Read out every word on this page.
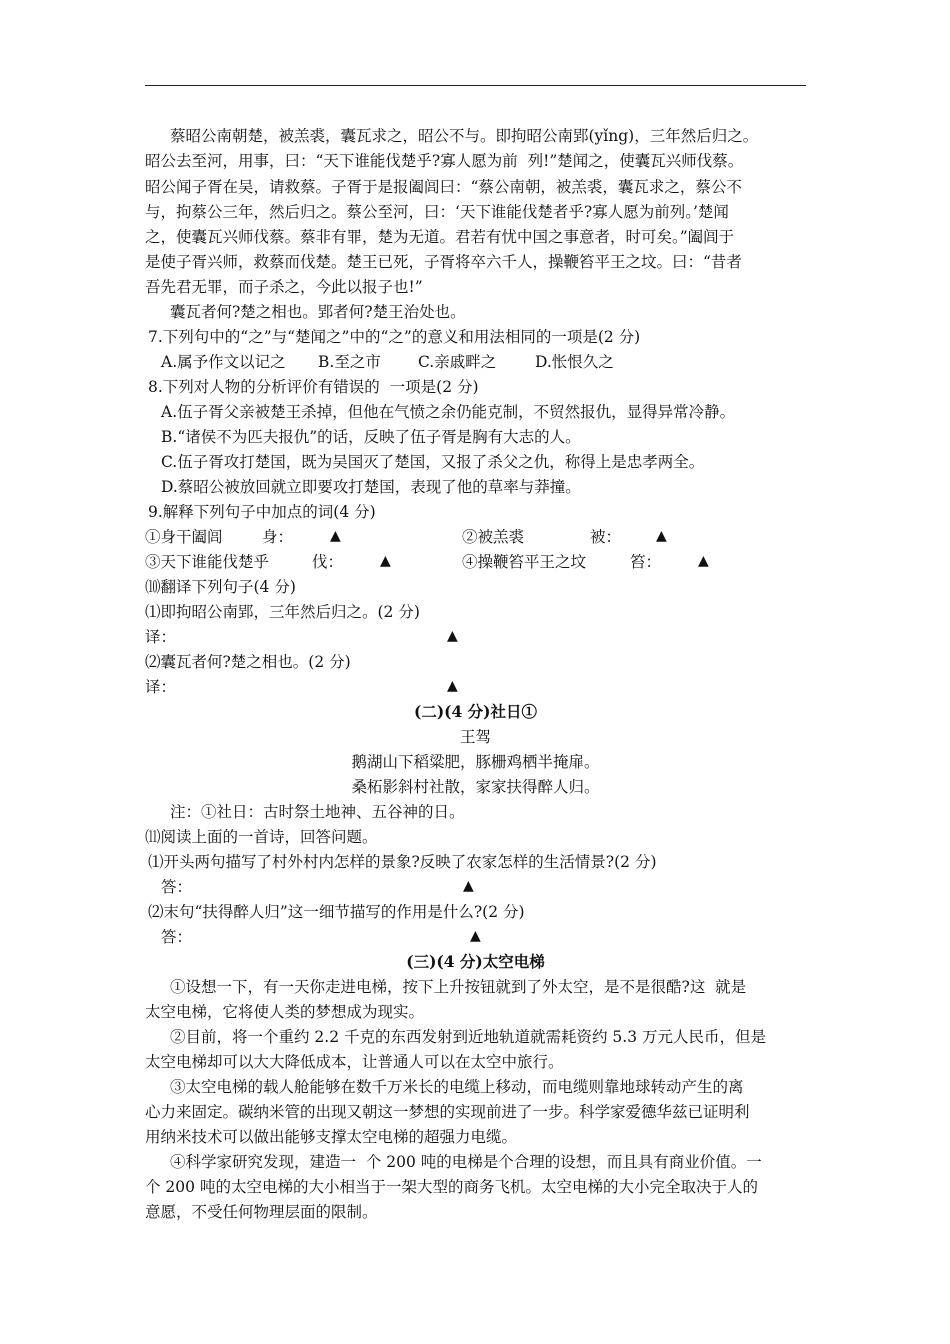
蔡昭公南朝楚，被羔裘，囊瓦求之，昭公不与。即拘昭公南郢(yǐng)，三年然后归之。
昭公去至河，用事，曰：“天下谁能伐楚乎?寡人愿为前  列!”楚闻之，使囊瓦兴师伐蔡。
昭公闻子胥在吴，请救蔡。子胥于是报阖闾曰：“蔡公南朝，被羔裘，囊瓦求之，蔡公不
与，拘蔡公三年，然后归之。蔡公至河，曰：‘天下谁能伐楚者乎?寡人愿为前列。’楚闻
之，使囊瓦兴师伐蔡。蔡非有罪，楚为无道。君若有忧中国之事意者，时可矣。”阖闾于
是使子胥兴师，救蔡而伐楚。楚王已死，子胥将卒六千人，操鞭笞平王之坟。曰：“昔者
吾先君无罪，而子杀之，今此以报子也!”
囊瓦者何?楚之相也。郢者何?楚王治处也。
7.下列句中的“之”与“楚闻之”中的“之”的意义和用法相同的一项是(2 分)
A.属予作文以记之	B.至之市	C.亲戚畔之	D.怅恨久之
8.下列对人物的分析评价有错误的  一项是(2 分)
A.伍子胥父亲被楚王杀掉，但他在气愤之余仍能克制，不贸然报仇，显得异常冷静。
B.“诸侯不为匹夫报仇”的话，反映了伍子胥是胸有大志的人。
C.伍子胥攻打楚国，既为吴国灭了楚国，又报了杀父之仇，称得上是忠孝两全。
D.蔡昭公被放回就立即要攻打楚国，表现了他的草率与莽撞。
9.解释下列句子中加点的词(4 分)
①身干阖闾	身：	▲	②被羔裘	被：	▲
③天下谁能伐楚乎	伐：	▲	④操鞭笞平王之坟	笞：	▲
⑽翻译下列句子(4 分)
⑴即拘昭公南郢，三年然后归之。(2 分)
译：	▲
⑵囊瓦者何?楚之相也。(2 分)
译：	▲
(二)(4 分)社日①
王驾
鹅湖山下稻粱肥，豚栅鸡栖半掩扉。
桑柘影斜村社散，家家扶得醉人归。
注：①社日：古时祭土地神、五谷神的日。
⑾阅读上面的一首诗，回答问题。
⑴开头两句描写了村外村内怎样的景象?反映了农家怎样的生活情景?(2 分)
答：	▲
⑵末句“扶得醉人归”这一细节描写的作用是什么?(2 分)
答：	▲
(三)(4 分)太空电梯
①设想一下，有一天你走进电梯，按下上升按钮就到了外太空，是不是很酷?这  就是
太空电梯，它将使人类的梦想成为现实。
②目前，将一个重约 2.2 千克的东西发射到近地轨道就需耗资约 5.3 万元人民币，但是
太空电梯却可以大大降低成本，让普通人可以在太空中旅行。
③太空电梯的载人舱能够在数千万米长的电缆上移动，而电缆则靠地球转动产生的离
心力来固定。碳纳米管的出现又朝这一梦想的实现前进了一步。科学家爱德华兹已证明利
用纳米技术可以做出能够支撑太空电梯的超强力电缆。
④科学家研究发现，建造一  个 200 吨的电梯是个合理的设想，而且具有商业价值。一
个 200 吨的太空电梯的大小相当于一架大型的商务飞机。太空电梯的大小完全取决于人的
意愿，不受任何物理层面的限制。
